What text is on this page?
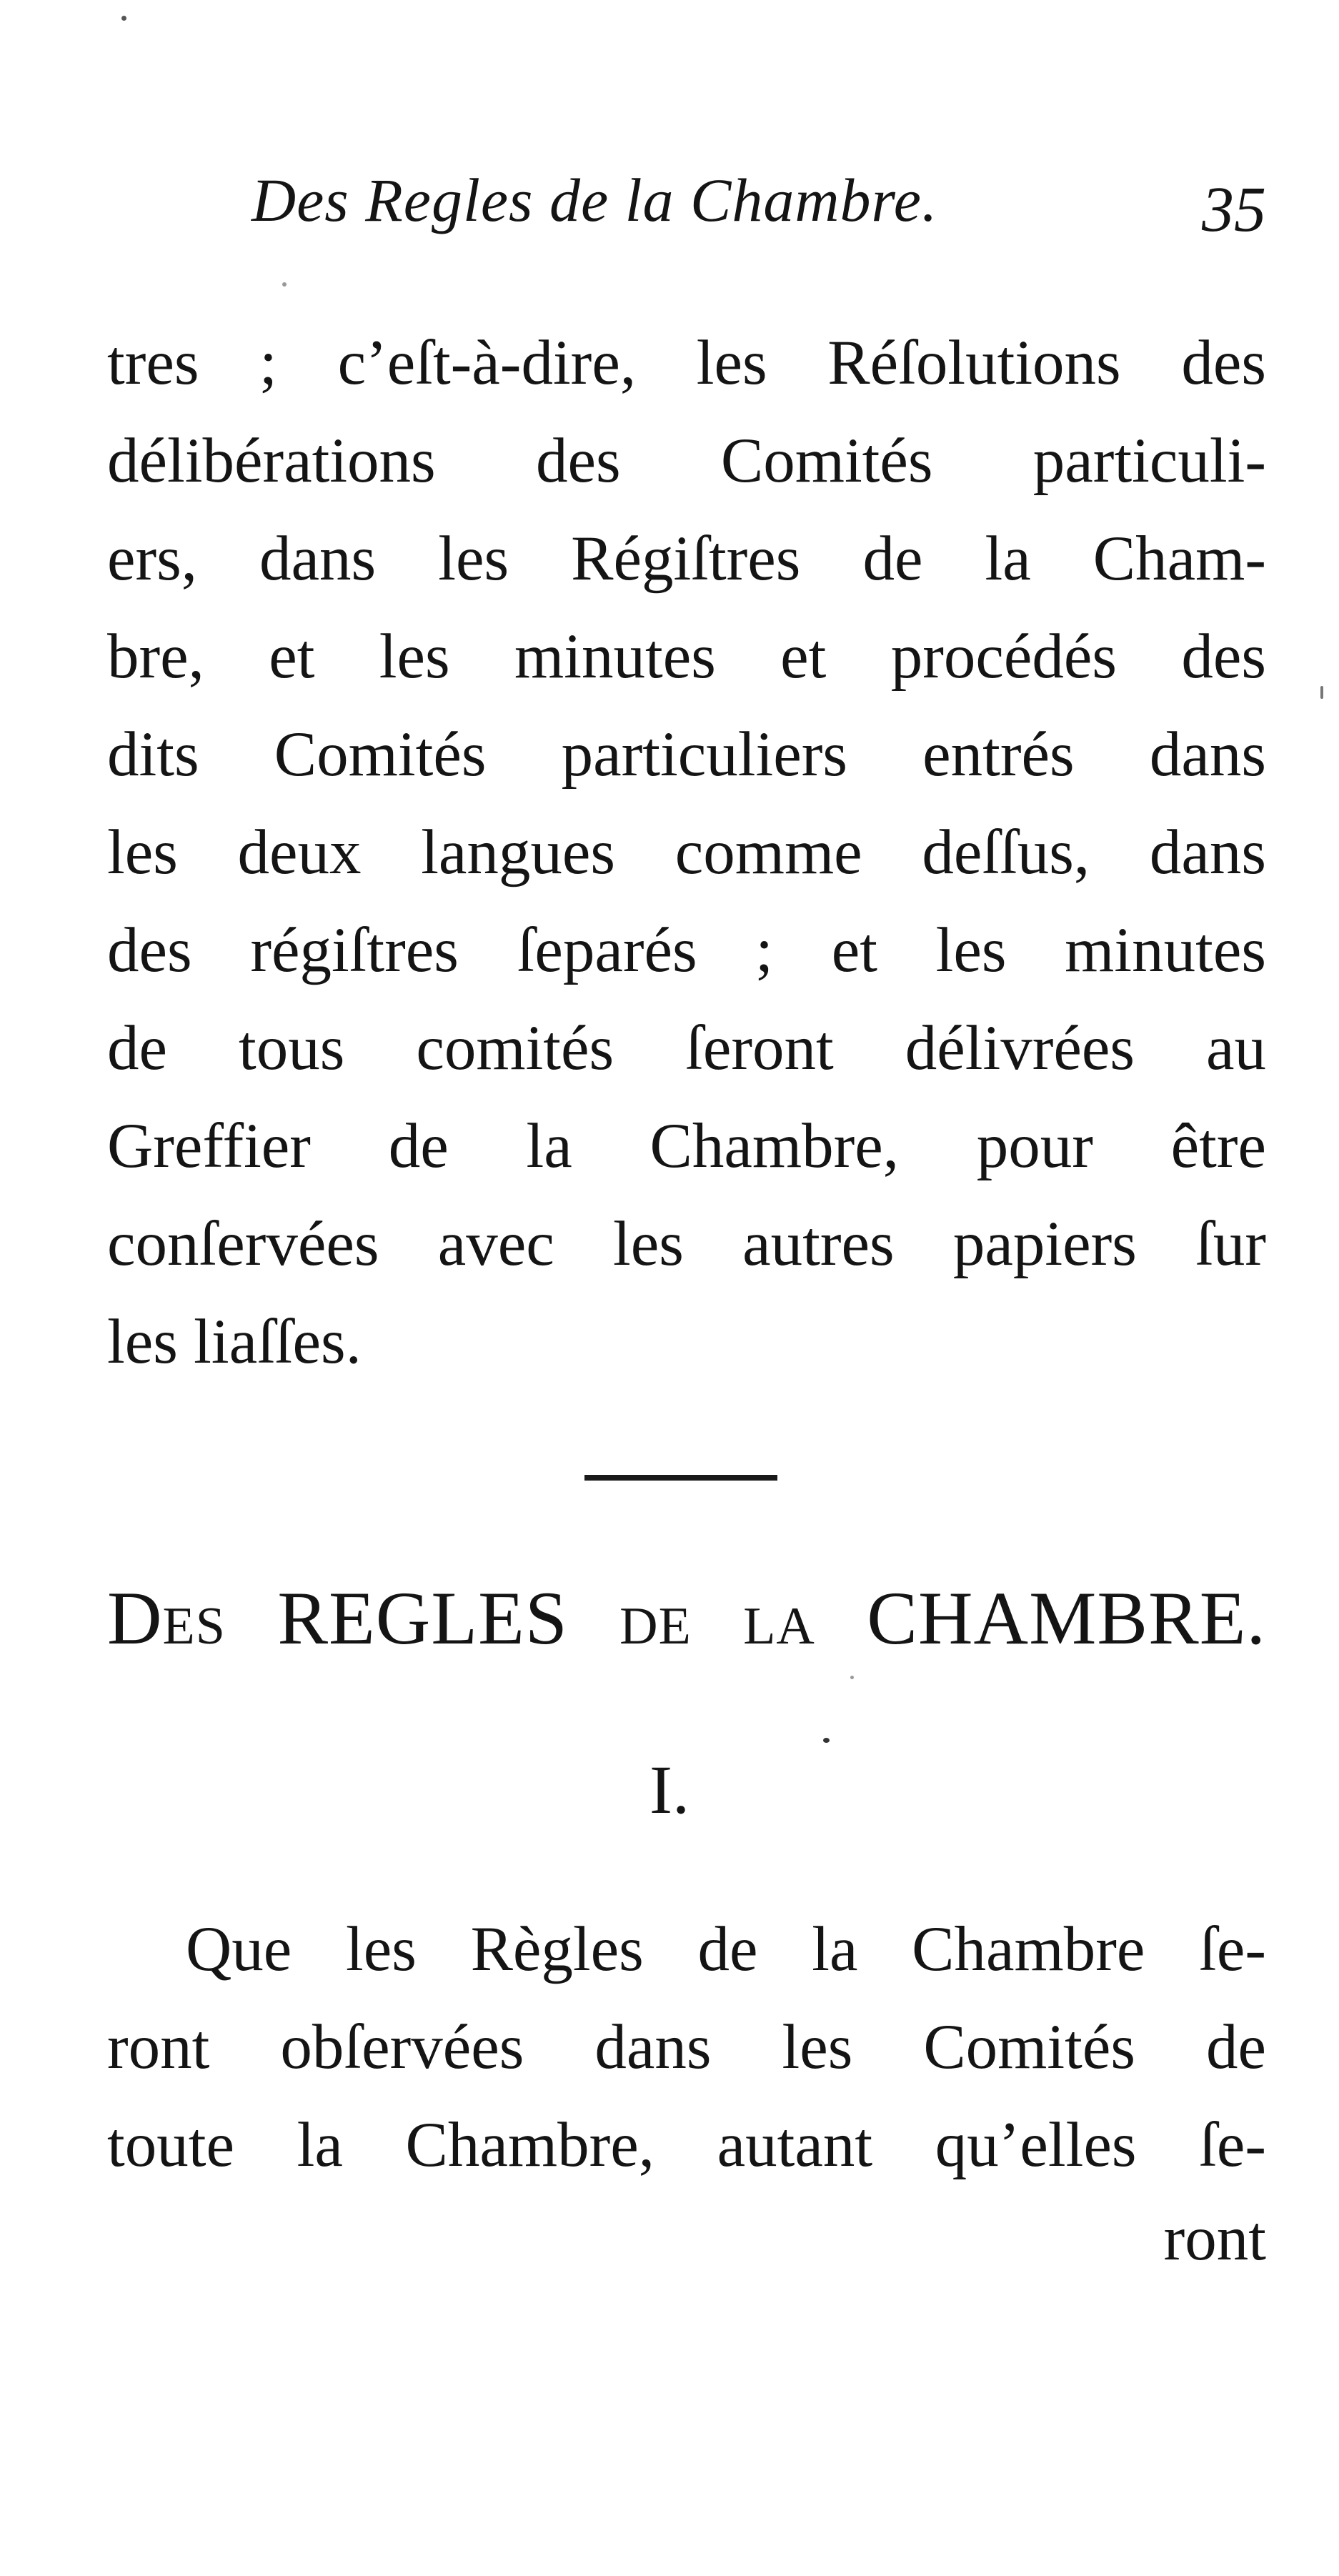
Des Regles de la Chambre.	35
tres ; c’eſt-à-dire, les Réſolutions des
délibérations des Comités particuli-
ers, dans les Régiſtres de la Cham-
bre, et les minutes et procédés des
dits Comités particuliers entrés dans
les deux langues comme deſſus, dans
des régiſtres ſeparés ; et les minutes
de tous comités ſeront délivrées au
Greffier de la Chambre, pour être
conſervées avec les autres papiers ſur
les liaſſes.
Des REGLES de la CHAMBRE.
I.
Que les Règles de la Chambre ſe-
ront obſervées dans les Comités de
toute la Chambre, autant qu’elles ſe-
ront
